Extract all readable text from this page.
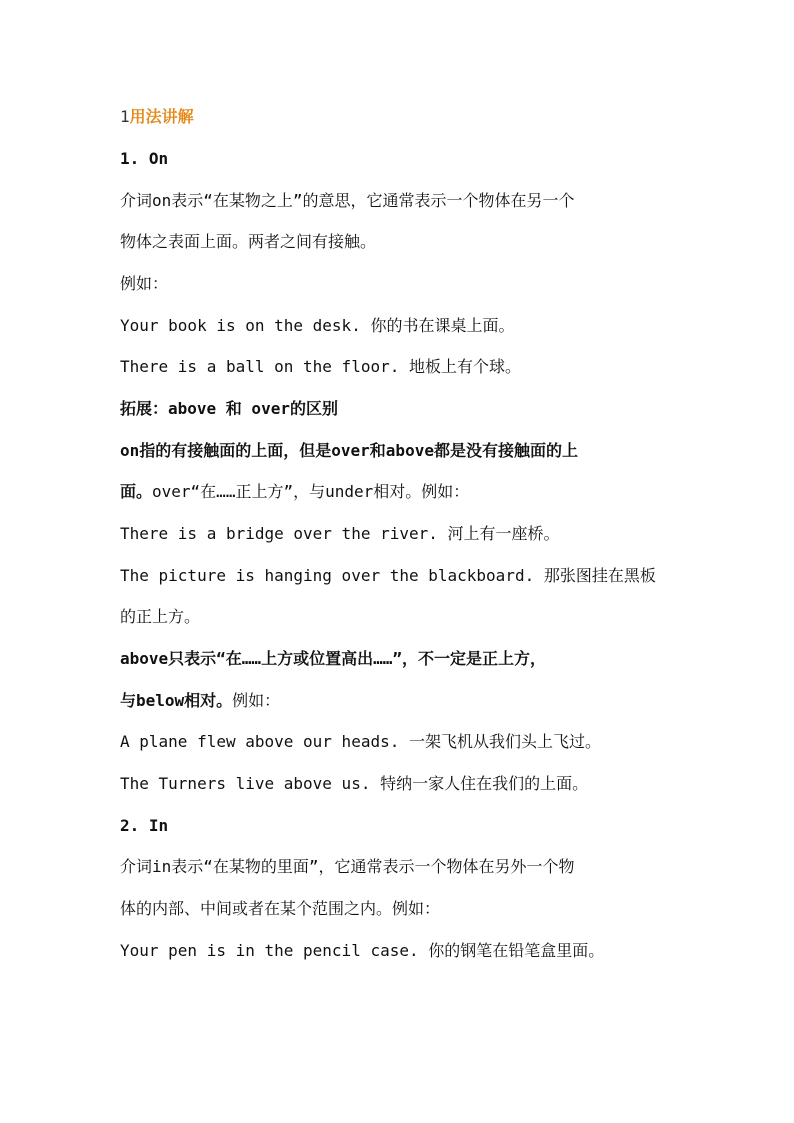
1用法讲解
1. On
介词on表示“在某物之上”的意思，它通常表示一个物体在另一个
物体之表面上面。两者之间有接触。
例如：
Your book is on the desk. 你的书在课桌上面。
There is a ball on the floor. 地板上有个球。
拓展：above 和 over的区别
on指的有接触面的上面，但是over和above都是没有接触面的上
面。over“在……正上方”，与under相对。例如：
There is a bridge over the river. 河上有一座桥。
The picture is hanging over the blackboard. 那张图挂在黑板
的正上方。
above只表示“在……上方或位置高出……”，不一定是正上方，
与below相对。例如：
A plane flew above our heads. 一架飞机从我们头上飞过。
The Turners live above us. 特纳一家人住在我们的上面。
2. In
介词in表示“在某物的里面”，它通常表示一个物体在另外一个物
体的内部、中间或者在某个范围之内。例如：
Your pen is in the pencil case. 你的钢笔在铅笔盒里面。
